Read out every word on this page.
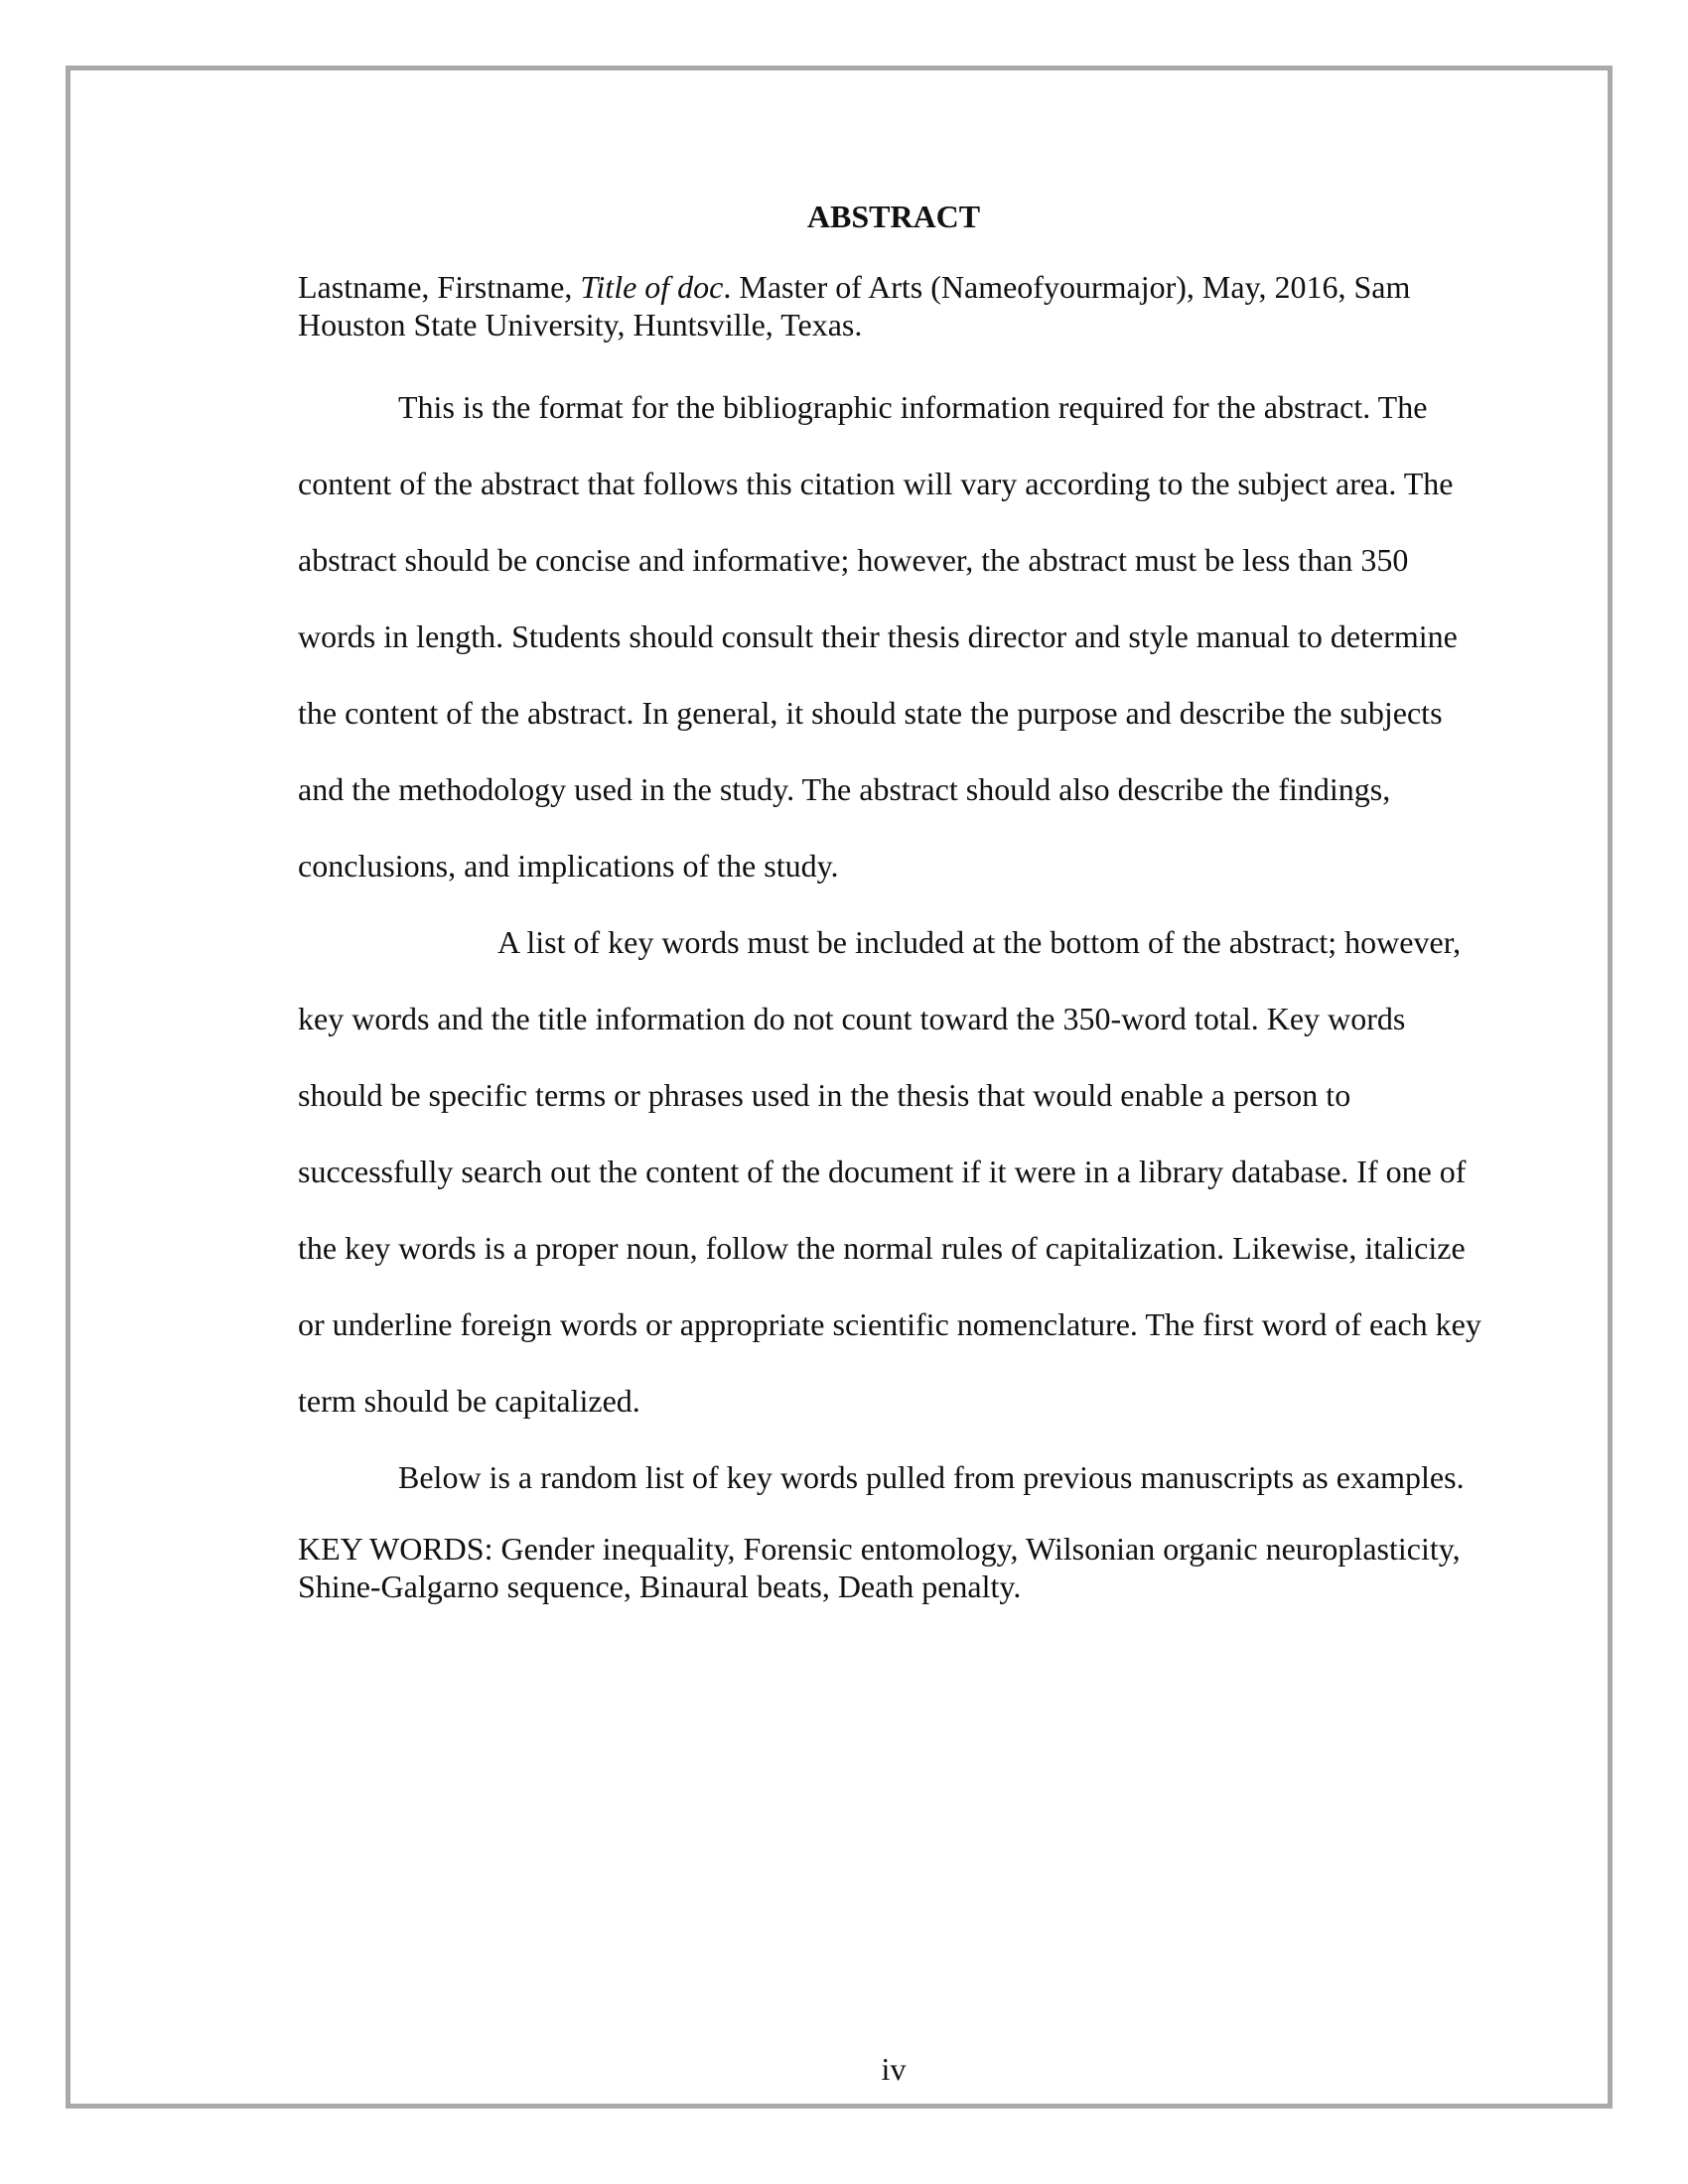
ABSTRACT

Lastname, Firstname, Title of doc. Master of Arts (Nameofyourmajor), May, 2016, Sam Houston State University, Huntsville, Texas.

This is the format for the bibliographic information required for the abstract. The content of the abstract that follows this citation will vary according to the subject area. The abstract should be concise and informative; however, the abstract must be less than 350 words in length. Students should consult their thesis director and style manual to determine the content of the abstract. In general, it should state the purpose and describe the subjects and the methodology used in the study. The abstract should also describe the findings, conclusions, and implications of the study.

A list of key words must be included at the bottom of the abstract; however, key words and the title information do not count toward the 350-word total. Key words should be specific terms or phrases used in the thesis that would enable a person to successfully search out the content of the document if it were in a library database. If one of the key words is a proper noun, follow the normal rules of capitalization. Likewise, italicize or underline foreign words or appropriate scientific nomenclature. The first word of each key term should be capitalized.

Below is a random list of key words pulled from previous manuscripts as examples.

KEY WORDS: Gender inequality, Forensic entomology, Wilsonian organic neuroplasticity, Shine-Galgarno sequence, Binaural beats, Death penalty.

iv
